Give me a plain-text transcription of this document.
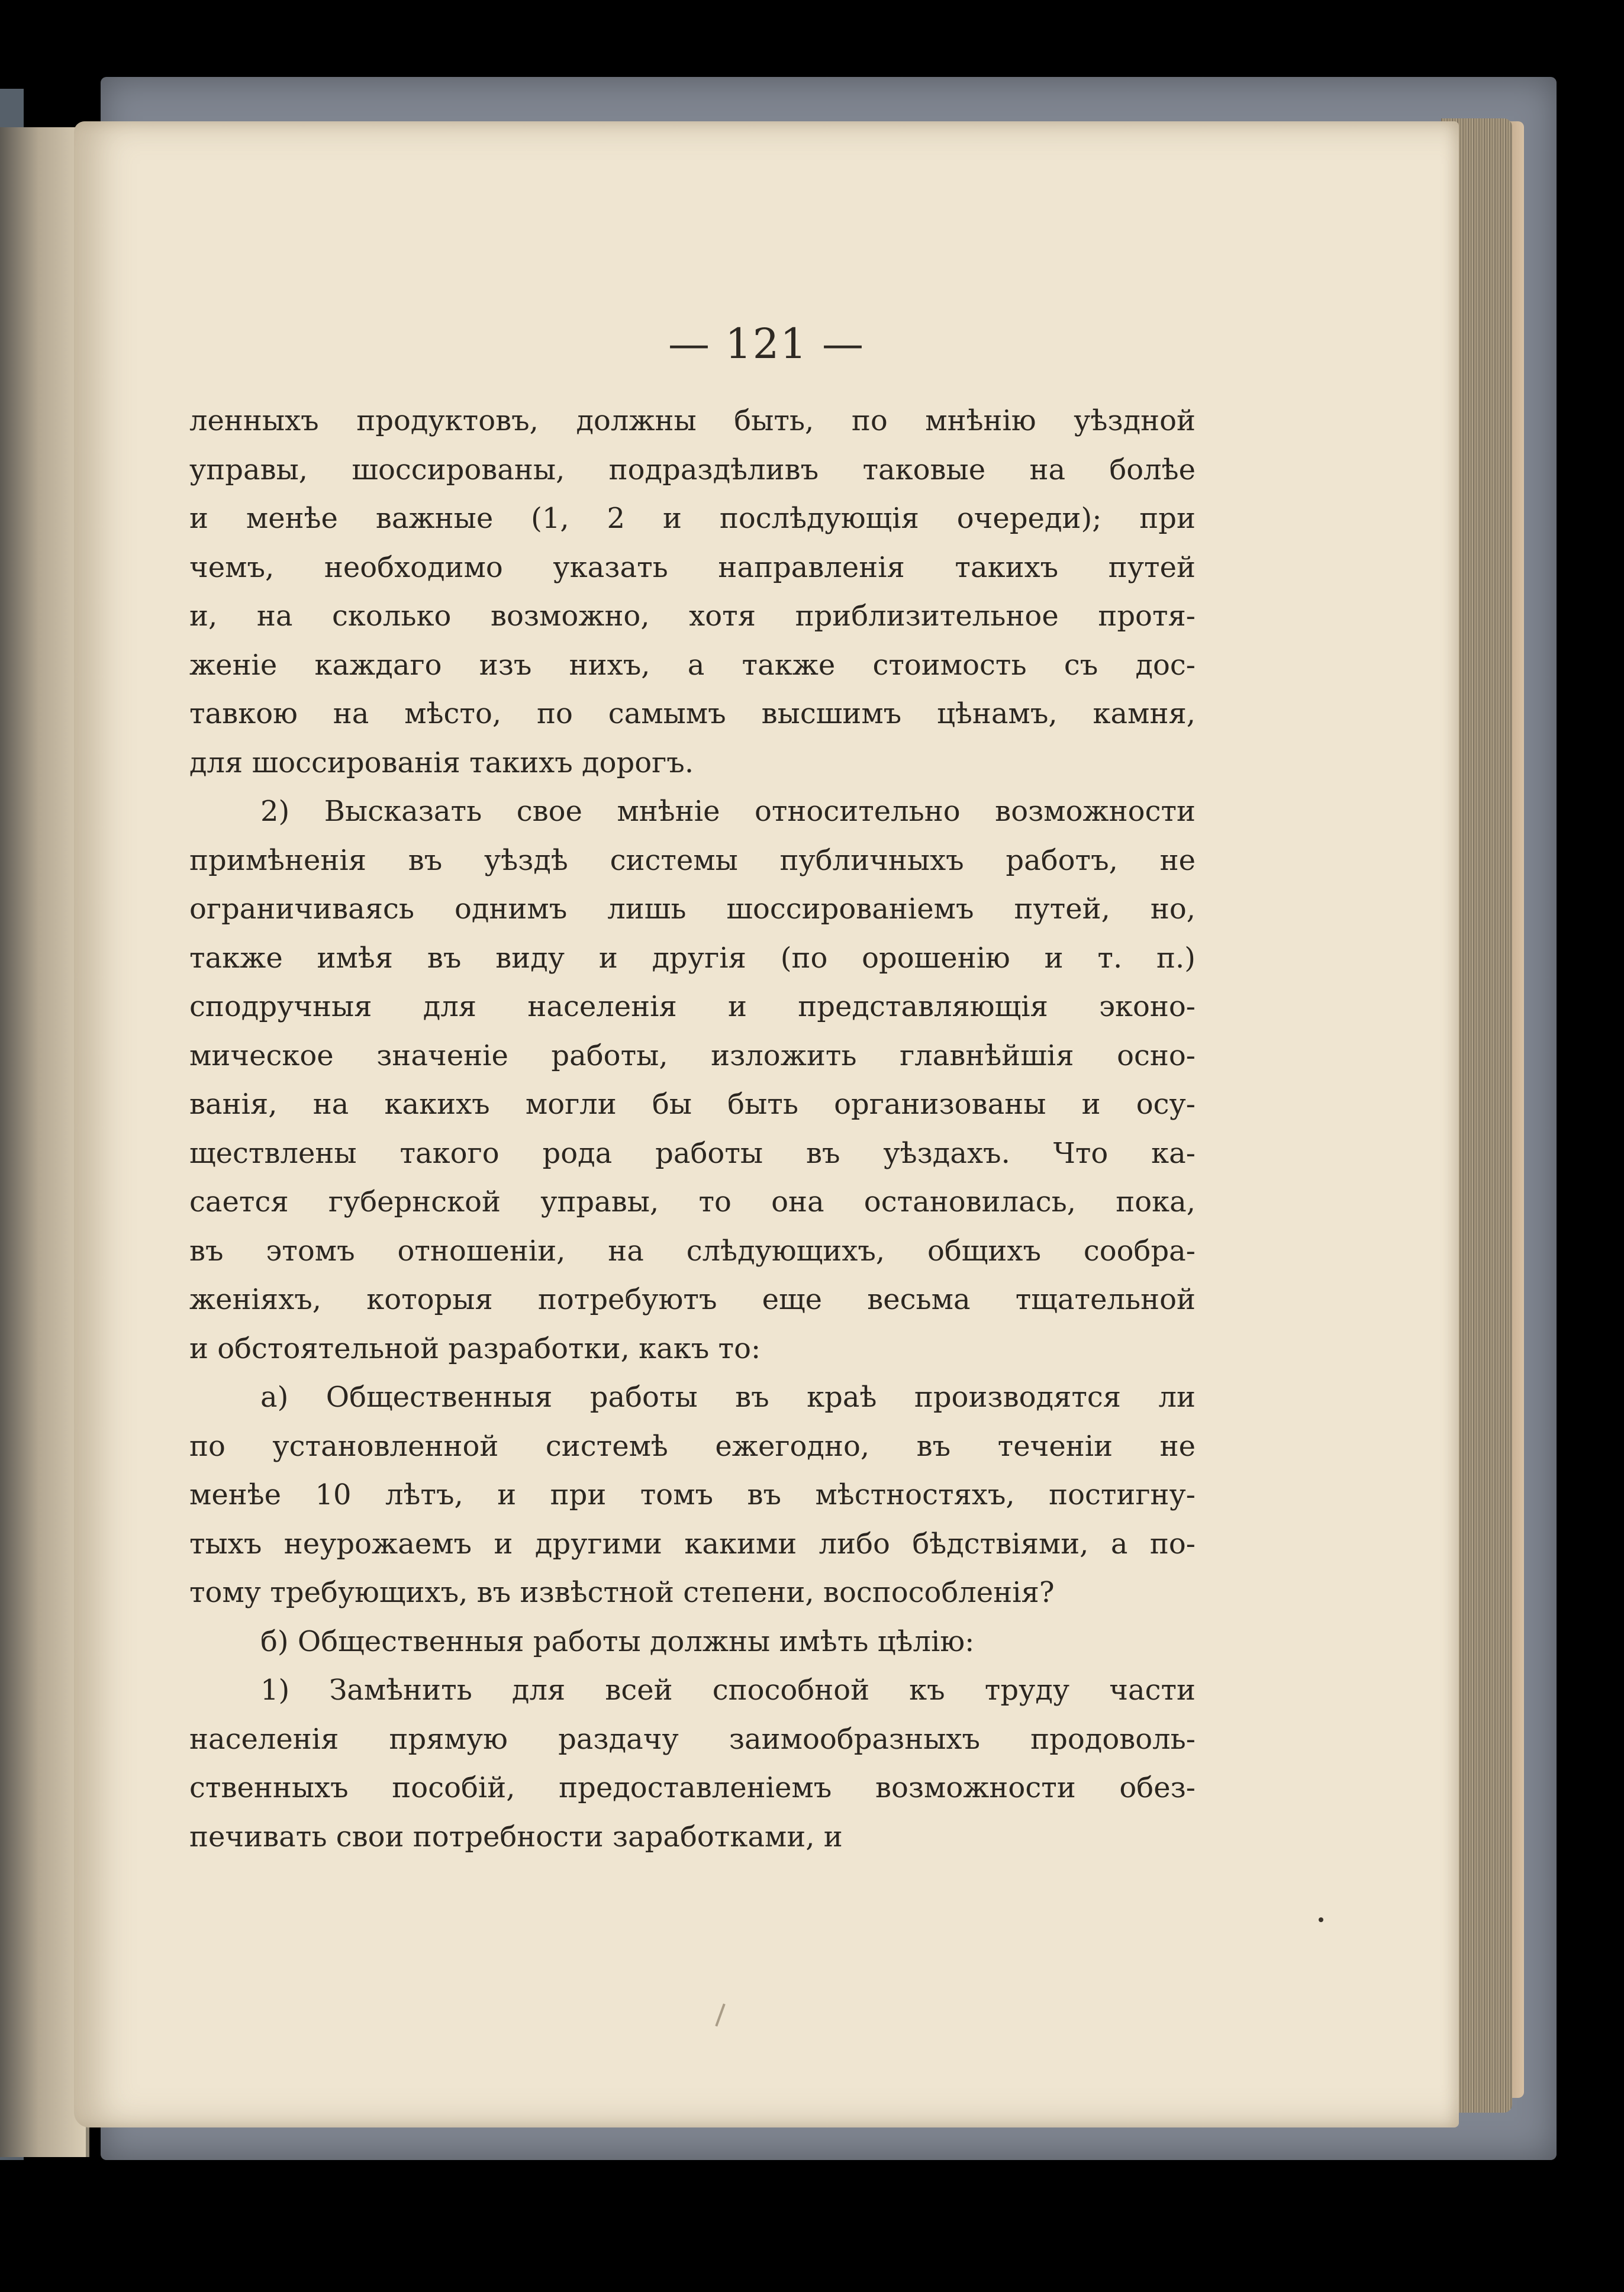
— 121 —
ленныхъ продуктовъ, должны быть, по мнѣнію уѣздной
управы, шоссированы, подраздѣливъ таковые на болѣе
и менѣе важные (1, 2 и послѣдующія очереди); при
чемъ, необходимо указать направленія такихъ путей
и, на сколько возможно, хотя приблизительное протя-
женіе каждаго изъ нихъ, а также стоимость съ дос-
тавкою на мѣсто, по самымъ высшимъ цѣнамъ, камня,
для шоссированія такихъ дорогъ.
2) Высказать свое мнѣніе относительно возможности
примѣненія въ уѣздѣ системы публичныхъ работъ, не
ограничиваясь однимъ лишь шоссированіемъ путей, но,
также имѣя въ виду и другія (по орошенію и т. п.)
сподручныя для населенія и представляющія эконо-
мическое значеніе работы, изложить главнѣйшія осно-
ванія, на какихъ могли бы быть организованы и осу-
ществлены такого рода работы въ уѣздахъ. Что ка-
сается губернской управы, то она остановилась, пока,
въ этомъ отношеніи, на слѣдующихъ, общихъ сообра-
женіяхъ, которыя потребуютъ еще весьма тщательной
и обстоятельной разработки, какъ то:
а) Общественныя работы въ краѣ производятся ли
по установленной системѣ ежегодно, въ теченіи не
менѣе 10 лѣтъ, и при томъ въ мѣстностяхъ, постигну-
тыхъ неурожаемъ и другими какими либо бѣдствіями, а по-
тому требующихъ, въ извѣстной степени, воспособленія?
б) Общественныя работы должны имѣть цѣлію:
1) Замѣнить для всей способной къ труду части
населенія прямую раздачу заимообразныхъ продоволь-
ственныхъ пособій, предоставленіемъ возможности обез-
печивать свои потребности заработками, и
